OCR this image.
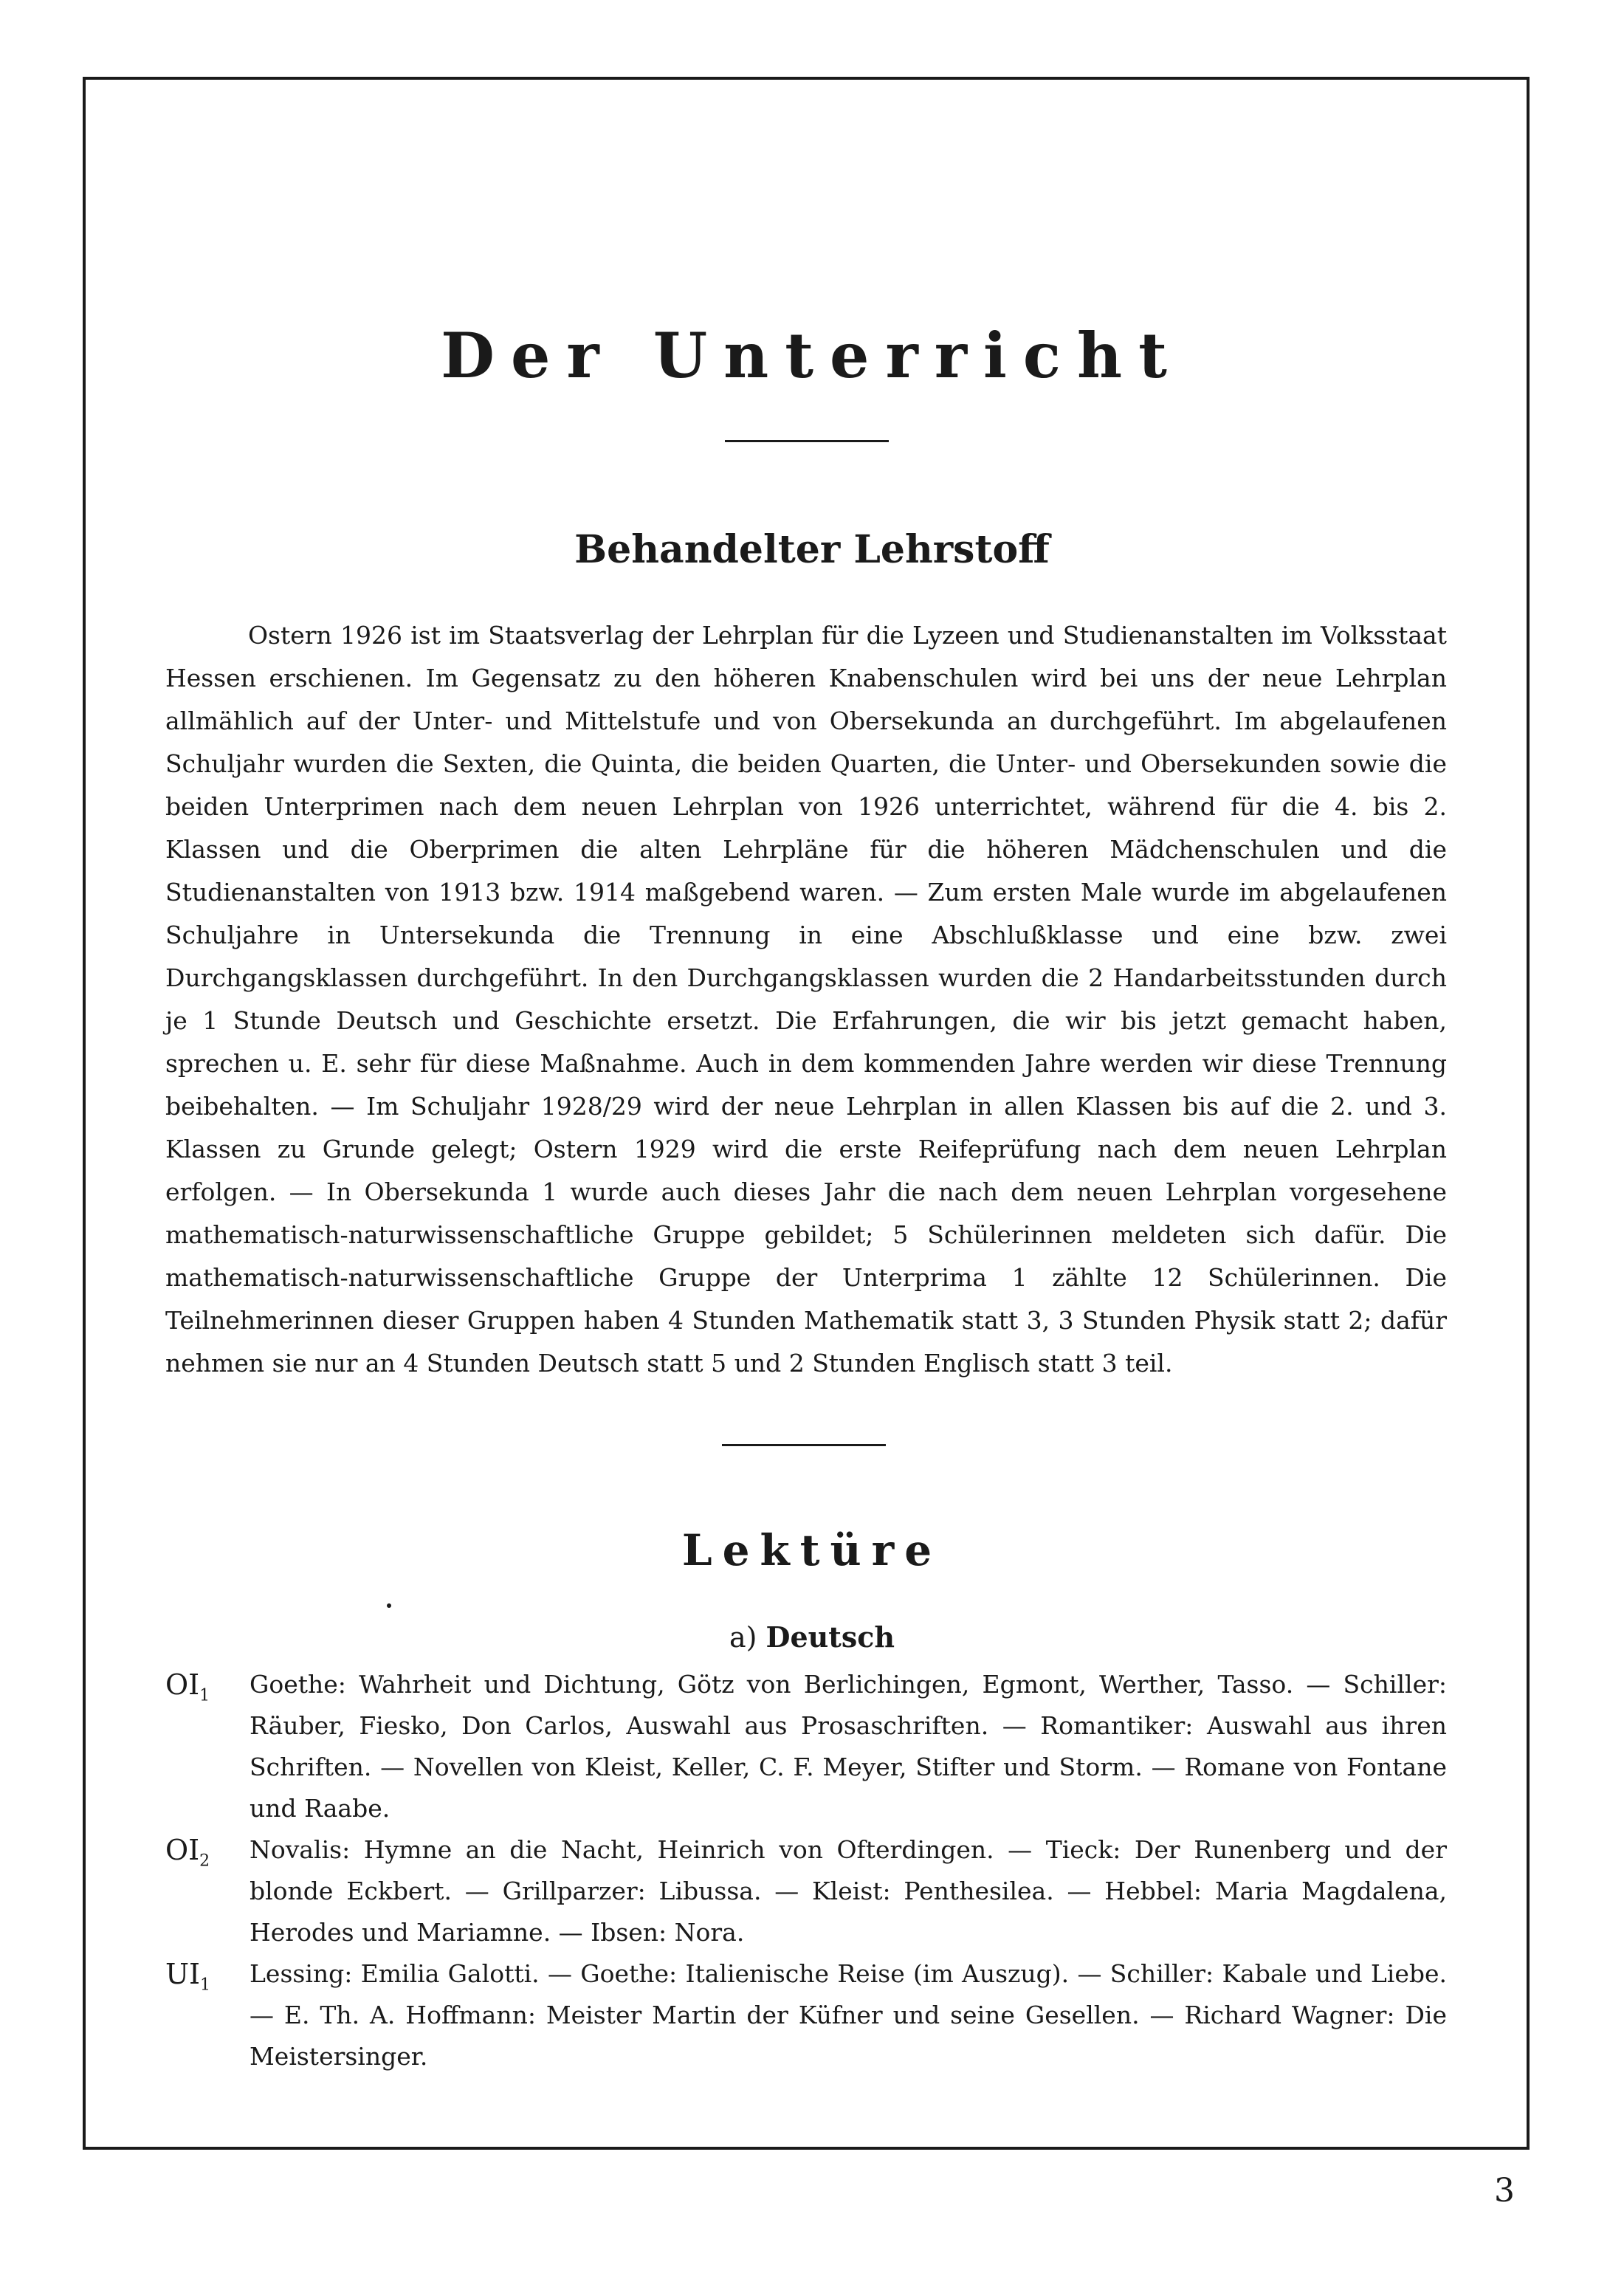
Der Unterricht
Behandelter Lehrstoff
Ostern 1926 ist im Staatsverlag der Lehrplan für die Lyzeen und Studienanstalten im Volksstaat Hessen erschienen. Im Gegensatz zu den höheren Knabenschulen wird bei uns der neue Lehrplan allmählich auf der Unter- und Mittelstufe und von Obersekunda an durchgeführt. Im abgelaufenen Schuljahr wurden die Sexten, die Quinta, die beiden Quarten, die Unter- und Obersekunden sowie die beiden Unterprimen nach dem neuen Lehrplan von 1926 unterrichtet, während für die 4. bis 2. Klassen und die Oberprimen die alten Lehrpläne für die höheren Mädchenschulen und die Studienanstalten von 1913 bzw. 1914 maßgebend waren. — Zum ersten Male wurde im abgelaufenen Schuljahre in Untersekunda die Trennung in eine Abschlußklasse und eine bzw. zwei Durchgangsklassen durchgeführt. In den Durchgangsklassen wurden die 2 Handarbeitsstunden durch je 1 Stunde Deutsch und Geschichte ersetzt. Die Erfahrungen, die wir bis jetzt gemacht haben, sprechen u. E. sehr für diese Maßnahme. Auch in dem kommenden Jahre werden wir diese Trennung beibehalten. — Im Schuljahr 1928/29 wird der neue Lehrplan in allen Klassen bis auf die 2. und 3. Klassen zu Grunde gelegt; Ostern 1929 wird die erste Reifeprüfung nach dem neuen Lehrplan erfolgen. — In Obersekunda 1 wurde auch dieses Jahr die nach dem neuen Lehrplan vorgesehene mathematisch-naturwissenschaftliche Gruppe gebildet; 5 Schülerinnen meldeten sich dafür. Die mathematisch-naturwissenschaftliche Gruppe der Unterprima 1 zählte 12 Schülerinnen. Die Teilnehmerinnen dieser Gruppen haben 4 Stunden Mathematik statt 3, 3 Stunden Physik statt 2; dafür nehmen sie nur an 4 Stunden Deutsch statt 5 und 2 Stunden Englisch statt 3 teil.
Lektüre
a) Deutsch
$OI_1$ Goethe: Wahrheit und Dichtung, Götz von Berlichingen, Egmont, Werther, Tasso. — Schiller: Räuber, Fiesko, Don Carlos, Auswahl aus Prosaschriften. — Romantiker: Auswahl aus ihren Schriften. — Novellen von Kleist, Keller, C. F. Meyer, Stifter und Storm. — Romane von Fontane und Raabe.
$OI_2$ Novalis: Hymne an die Nacht, Heinrich von Ofterdingen. — Tieck: Der Runenberg und der blonde Eckbert. — Grillparzer: Libussa. — Kleist: Penthesilea. — Hebbel: Maria Magdalena, Herodes und Mariamne. — Ibsen: Nora.
$UI_1$ Lessing: Emilia Galotti. — Goethe: Italienische Reise (im Auszug). — Schiller: Kabale und Liebe. — E. Th. A. Hoffmann: Meister Martin der Küfner und seine Gesellen. — Richard Wagner: Die Meistersinger.
3
